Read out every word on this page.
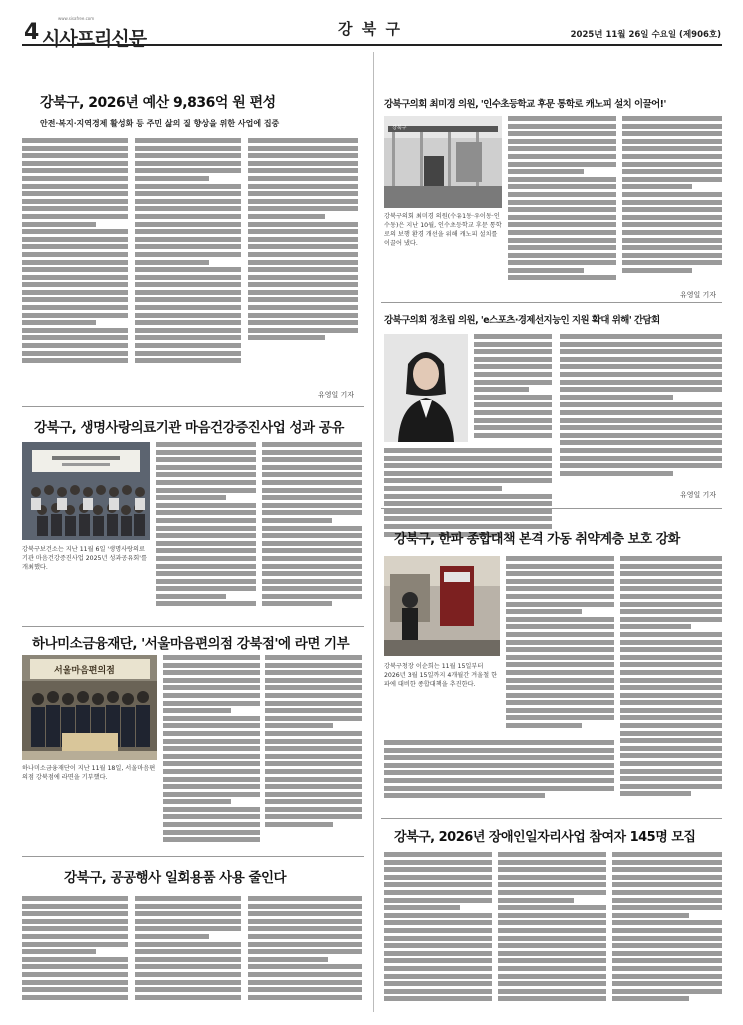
4
www.sisafree.com
시사프리신문	강 북 구	2025년 11월 26일 수요일 (제906호)
강북구, 2026년 예산 9,836억 원 편성
안전·복지·지역경제 활성화 등 주민 삶의 질 향상을 위한 사업에 집중
유영일 기자
강북구, 생명사랑의료기관 마음건강증진사업 성과 공유
강북구보건소는 지난 11월 6일 '생명사랑의료기관 마음건강증진사업 2025년 성과공유회'를 개최했다.
하나미소금융재단, '서울마음편의점 강북점'에 라면 기부
서울마음편의점
하나미소금융재단이 지난 11월 18일, 서울마음편의점 강북점에 라면을 기부했다.
강북구, 공공행사 일회용품 사용 줄인다
강북구의회 최미경 의원, '인수초등학교 후문 통학로 캐노피 설치 이끌어!'
강북구
강북구의회 최미경 의원(수유1동·우이동·인수동)은 지난 10월, 인수초등학교 후문 통학로의 보행 환경 개선을 위해 캐노피 설치를 이끌어 냈다.
유영일 기자
강북구의회 정초립 의원, 'e스포츠·경제선지능인 지원 확대 위해' 간담회
유영일 기자
강북구, 한파 종합대책 본격 가동 취약계층 보호 강화
강북구청장 이순희는 11월 15일부터 2026년 3월 15일까지 4개월간 겨울철 한파에 대비한 종합대책을 추진한다.
강북구, 2026년 장애인일자리사업 참여자 145명 모집
